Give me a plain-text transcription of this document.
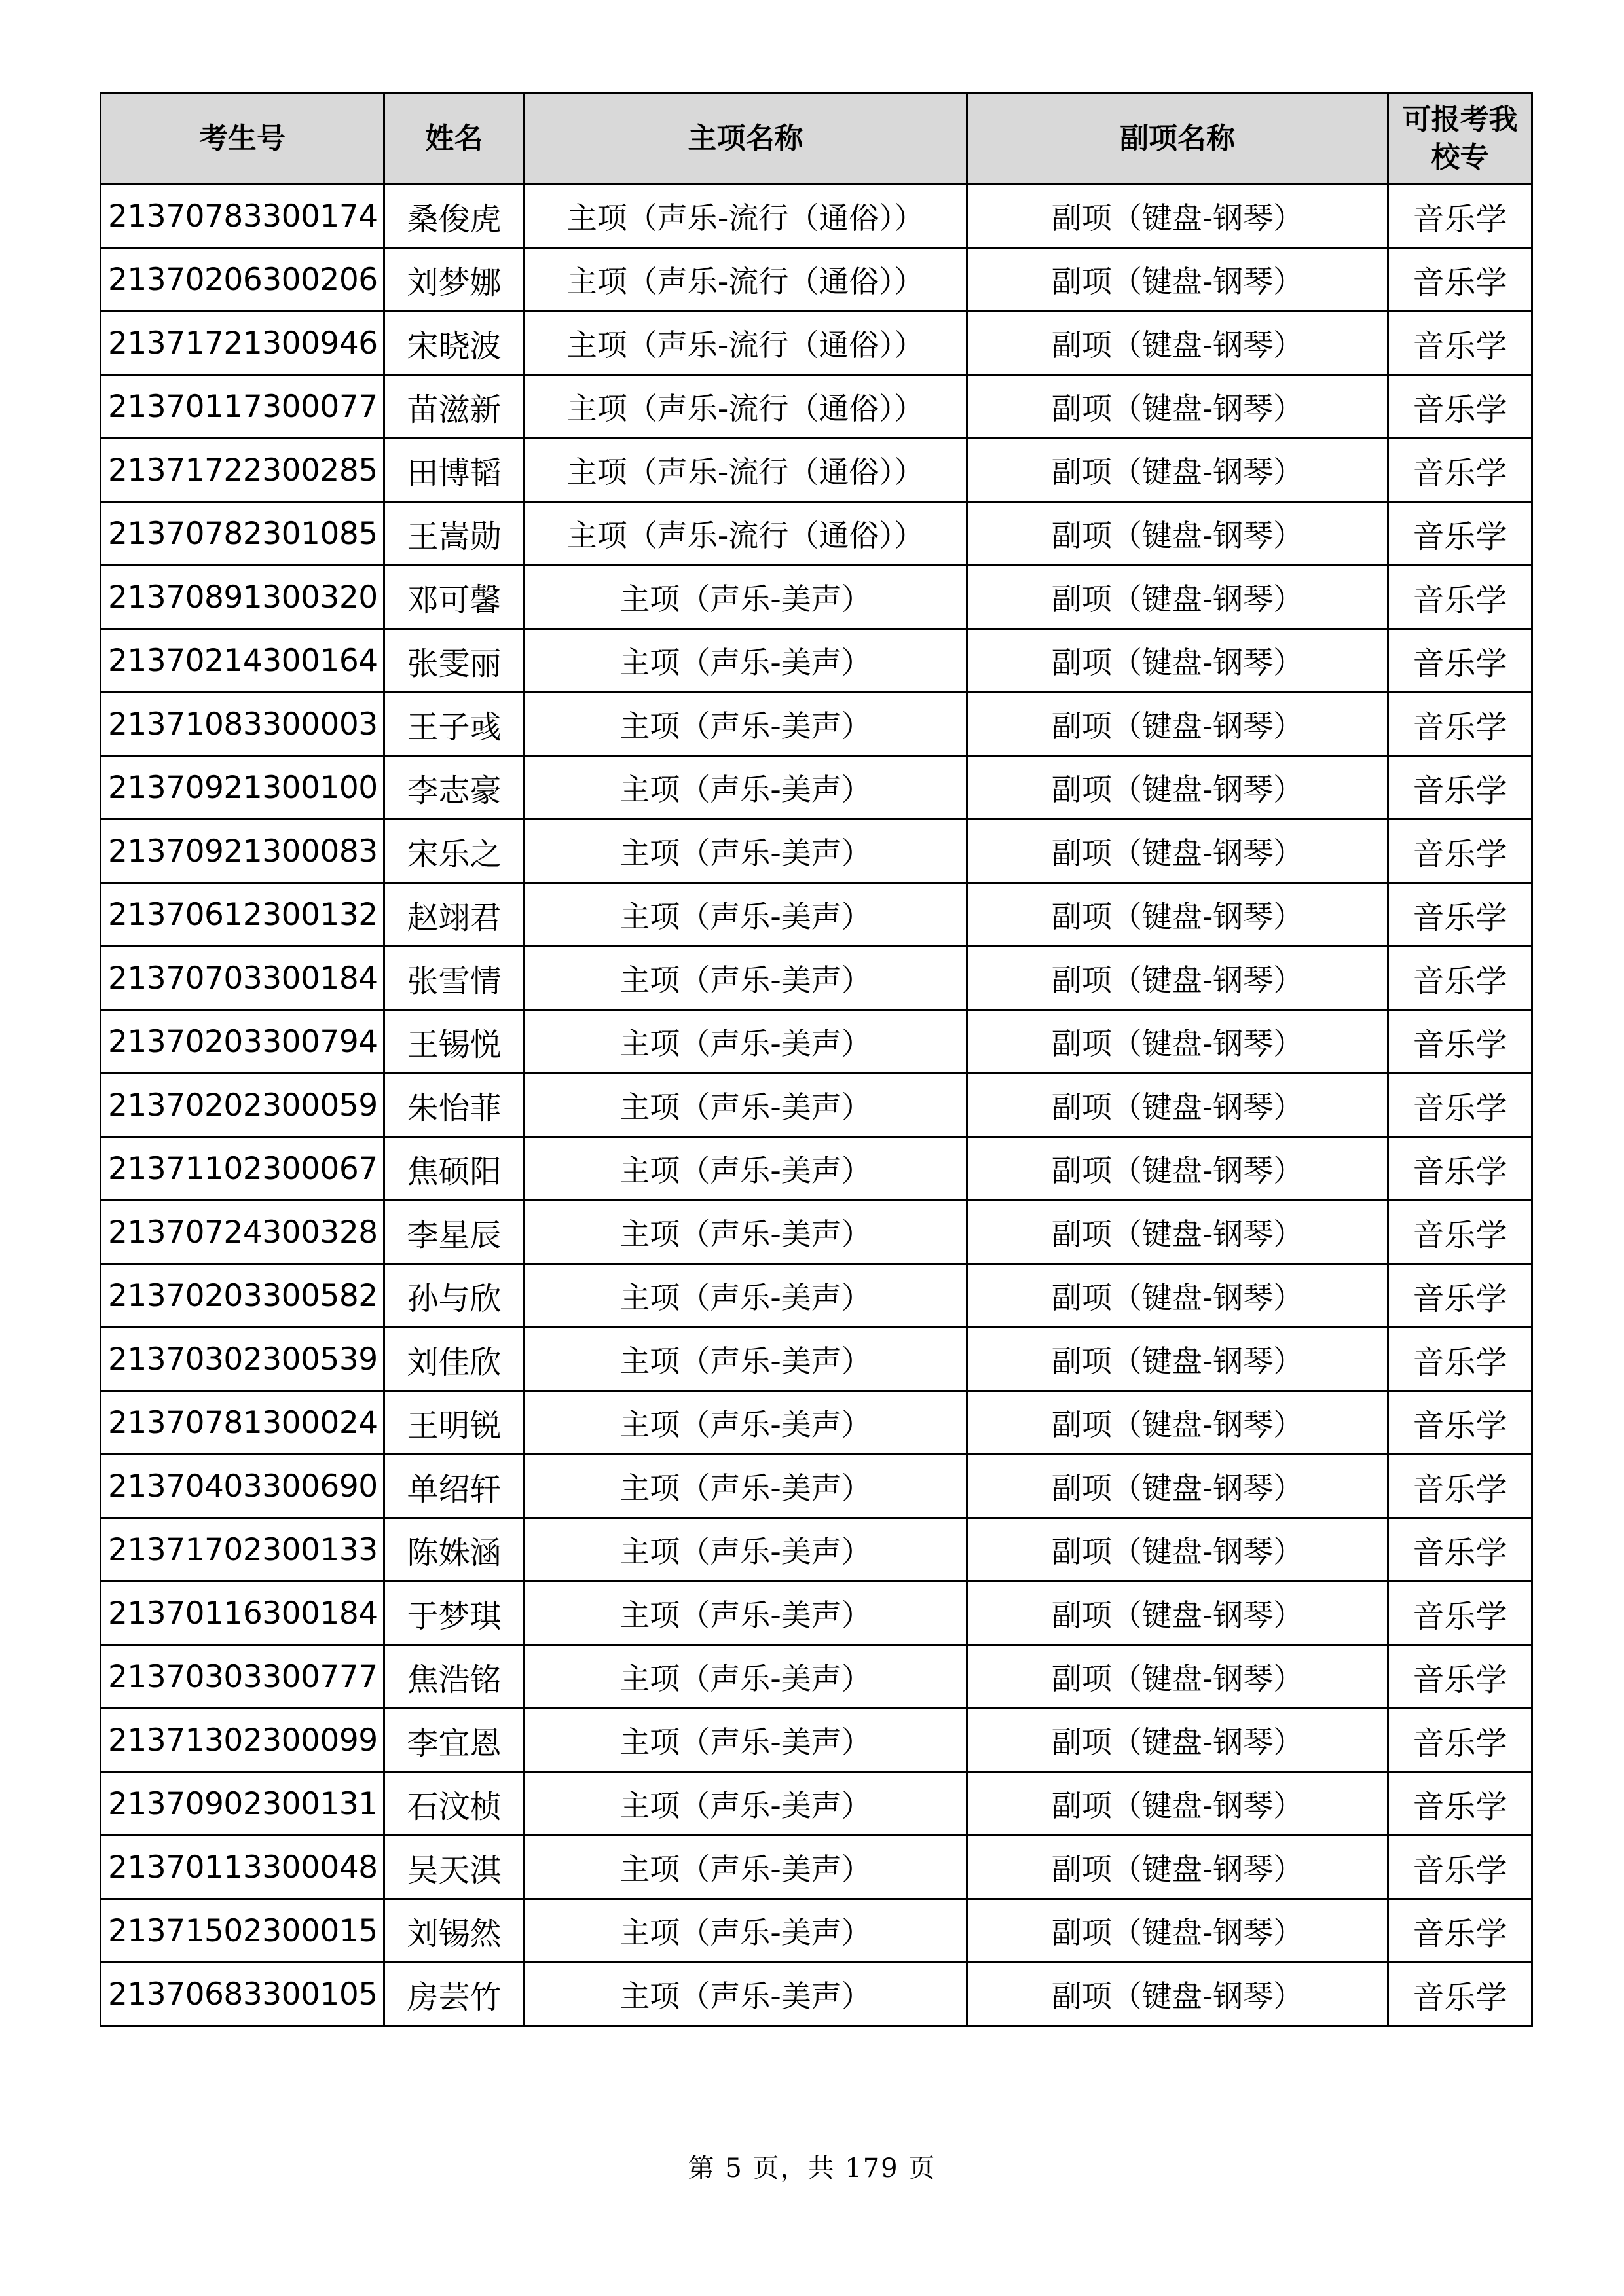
考生号	姓名	主项名称	副项名称	可报考我校专
21370783300174	桑俊虎	主项（声乐-流行（通俗））	副项（键盘-钢琴）	音乐学
21370206300206	刘梦娜	主项（声乐-流行（通俗））	副项（键盘-钢琴）	音乐学
21371721300946	宋晓波	主项（声乐-流行（通俗））	副项（键盘-钢琴）	音乐学
21370117300077	苗滋新	主项（声乐-流行（通俗））	副项（键盘-钢琴）	音乐学
21371722300285	田博韬	主项（声乐-流行（通俗））	副项（键盘-钢琴）	音乐学
21370782301085	王嵩勋	主项（声乐-流行（通俗））	副项（键盘-钢琴）	音乐学
21370891300320	邓可馨	主项（声乐-美声）	副项（键盘-钢琴）	音乐学
21370214300164	张雯丽	主项（声乐-美声）	副项（键盘-钢琴）	音乐学
21371083300003	王子彧	主项（声乐-美声）	副项（键盘-钢琴）	音乐学
21370921300100	李志豪	主项（声乐-美声）	副项（键盘-钢琴）	音乐学
21370921300083	宋乐之	主项（声乐-美声）	副项（键盘-钢琴）	音乐学
21370612300132	赵翊君	主项（声乐-美声）	副项（键盘-钢琴）	音乐学
21370703300184	张雪情	主项（声乐-美声）	副项（键盘-钢琴）	音乐学
21370203300794	王锡悦	主项（声乐-美声）	副项（键盘-钢琴）	音乐学
21370202300059	朱怡菲	主项（声乐-美声）	副项（键盘-钢琴）	音乐学
21371102300067	焦硕阳	主项（声乐-美声）	副项（键盘-钢琴）	音乐学
21370724300328	李星辰	主项（声乐-美声）	副项（键盘-钢琴）	音乐学
21370203300582	孙与欣	主项（声乐-美声）	副项（键盘-钢琴）	音乐学
21370302300539	刘佳欣	主项（声乐-美声）	副项（键盘-钢琴）	音乐学
21370781300024	王明锐	主项（声乐-美声）	副项（键盘-钢琴）	音乐学
21370403300690	单绍轩	主项（声乐-美声）	副项（键盘-钢琴）	音乐学
21371702300133	陈姝涵	主项（声乐-美声）	副项（键盘-钢琴）	音乐学
21370116300184	于梦琪	主项（声乐-美声）	副项（键盘-钢琴）	音乐学
21370303300777	焦浩铭	主项（声乐-美声）	副项（键盘-钢琴）	音乐学
21371302300099	李宜恩	主项（声乐-美声）	副项（键盘-钢琴）	音乐学
21370902300131	石汶桢	主项（声乐-美声）	副项（键盘-钢琴）	音乐学
21370113300048	吴天淇	主项（声乐-美声）	副项（键盘-钢琴）	音乐学
21371502300015	刘锡然	主项（声乐-美声）	副项（键盘-钢琴）	音乐学
21370683300105	房芸竹	主项（声乐-美声）	副项（键盘-钢琴）	音乐学
第 5 页，共 179 页
